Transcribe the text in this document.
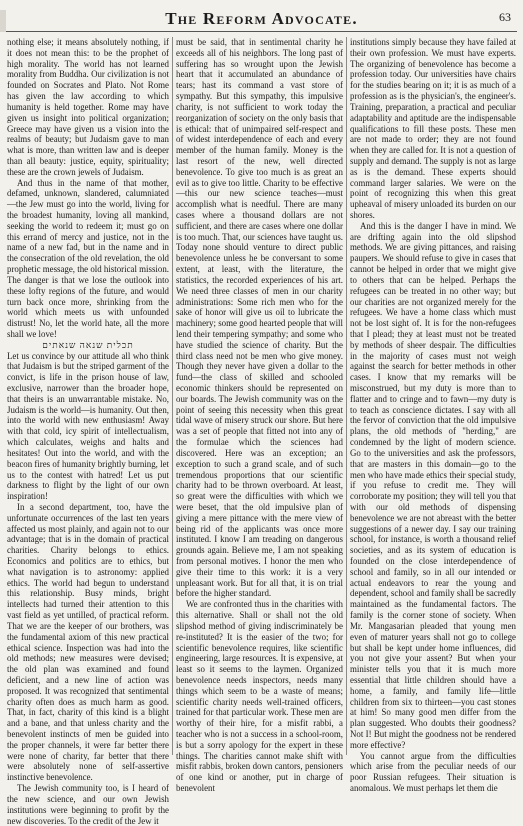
The Reform Advocate.	63

nothing else; it means absolutely nothing, if it does not mean this: to be the prophet of high morality. The world has not learned morality from Buddha. Our civilization is not founded on Socrates and Plato. Not Rome has given the law according to which humanity is held together. Rome may have given us insight into political organization; Greece may have given us a vision into the realms of beauty; but Judaism gave to man what is more, than written law and is deeper than all beauty: justice, equity, spirituality; these are the crown jewels of Judaism.

And thus in the name of that mother, defamed, unknown, slandered, calumniated—the Jew must go into the world, living for the broadest humanity, loving all mankind, seeking the world to redeem it; must go on this errand of mercy and justice, not in the name of a new fad, but in the name and in the consecration of the old revelation, the old prophetic message, the old historical mission. The danger is that we lose the outlook into these lofty regions of the future, and would turn back once more, shrinking from the world which meets us with unfounded distrust! No, let the world hate, all the more shall we love!

תכלית שנאה שנאתים

Let us convince by our attitude all who think that Judaism is but the striped garment of the convict, is life in the prison house of law, exclusive, narrower than the broader hope, that theirs is an unwarrantable mistake. No, Judaism is the world—is humanity. Out then, into the world with new enthusiasm! Away with that cold, icy spirit of intellectualism, which calculates, weighs and halts and hesitates! Out into the world, and with the beacon fires of humanity brightly burning, let us to the contest with hatred! Let us put darkness to flight by the light of our own inspiration!

In a second department, too, have the unfortunate occurrences of the last ten years affected us most plainly, and again not to our advantage; that is in the domain of practical charities. Charity belongs to ethics. Economics and politics are to ethics, but what navigation is to astronomy: applied ethics. The world had begun to understand this relationship. Busy minds, bright intellects had turned their attention to this vast field as yet untilled, of practical reform. That we are the keeper of our brothers, was the fundamental axiom of this new practical ethical science. Inspection was had into the old methods; new measures were devised; the old plan was examined and found deficient, and a new line of action was proposed. It was recognized that sentimental charity often does as much harm as good. That, in fact, charity of this kind is a blight and a bane, and that unless charity and the benevolent instincts of men be guided into the proper channels, it were far better there were none of charity, far better that there were absolutely none of self-assertive instinctive benevolence.

The Jewish community too, is I heard of the new science, and our own Jewish institutions were beginning to profit by the new discoveries. To the credit of the Jew it

must be said, that in sentimental charity he exceeds all of his neighbors. The long past of suffering has so wrought upon the Jewish heart that it accumulated an abundance of tears; hast its command a vast store of sympathy. But this sympathy, this impulsive charity, is not sufficient to work today the reorganization of society on the only basis that is ethical: that of unimpaired self-respect and of widest interdependence of each and every member of the human family. Money is the last resort of the new, well directed benevolence. To give too much is as great an evil as to give too little. Charity to be effective—this our new science teaches—must accomplish what is needful. There are many cases where a thousand dollars are not sufficient, and there are cases where one dollar is too much. That, our sciences have taught us. Today none should venture to direct public benevolence unless he be conversant to some extent, at least, with the literature, the statistics, the recorded experiences of his art. We need three classes of men in our charity administrations: Some rich men who for the sake of honor will give us oil to lubricate the machinery; some good hearted people that will lend their tempering sympathy; and some who have studied the science of charity. But the third class need not be men who give money. Though they never have given a dollar to the fund—the class of skilled and schooled economic thinkers should be represented on our boards. The Jewish community was on the point of seeing this necessity when this great tidal wave of misery struck our shore. But here was a set of people that fitted not into any of the formulae which the sciences had discovered. Here was an exception; an exception to such a grand scale, and of such tremendous proportions that our scientific charity had to be thrown overboard. At least, so great were the difficulties with which we were beset, that the old impulsive plan of giving a mere pittance with the mere view of being rid of the applicants was once more instituted. I know I am treading on dangerous grounds again. Believe me, I am not speaking from personal motives. I honor the men who give their time to this work: it is a very unpleasant work. But for all that, it is on trial before the higher standard.

We are confronted thus in the charities with this alternative. Shall or shall not the old slipshod method of giving indiscriminately be re-instituted? It is the easier of the two; for scientific benevolence requires, like scientific engineering, large resources. It is expensive, at least so it seems to the laymen. Organized benevolence needs inspectors, needs many things which seem to be a waste of means; scientific charity needs well-trained officers, trained for that particular work. These men are worthy of their hire, for a misfit rabbi, a teacher who is not a success in a school-room, is but a sorry apology for the expert in these things. The charities cannot make shift with misfit rabbis, broken down cantors, pensioners of one kind or another, put in charge of benevolent

institutions simply because they have failed at their own profession. We must have experts. The organizing of benevolence has become a profession today. Our universities have chairs for the studies bearing on it; it is as much of a profession as is the physician's, the engineer's. Training, preparation, a practical and peculiar adaptability and aptitude are the indispensable qualifications to fill these posts. These men are not made to order; they are not found when they are called for. It is not a question of supply and demand. The supply is not as large as is the demand. These experts should command larger salaries. We were on the point of recognizing this when this great upheaval of misery unloaded its burden on our shores.

And this is the danger I have in mind. We are drifting again into the old slipshod methods. We are giving pittances, and raising paupers. We should refuse to give in cases that cannot be helped in order that we might give to others that can be helped. Perhaps the refugees can be treated in no other way; but our charities are not organized merely for the refugees. We have a home class which must not be lost sight of. It is for the non-refugees that I plead; they at least must not be treated by methods of sheer despair. The difficulties in the majority of cases must not weigh against the search for better methods in other cases. I know that my remarks will be misconstrued, but my duty is more than to flatter and to cringe and to fawn—my duty is to teach as conscience dictates. I say with all the fervor of conviction that the old impulsive plans, the old methods of "herding," are condemned by the light of modern science. Go to the universities and ask the professors, that are masters in this domain—go to the men who have made ethics their special study, if you refuse to credit me. They will corroborate my position; they will tell you that with our old methods of dispensing benevolence we are not abreast with the better suggestions of a newer day. I say our training school, for instance, is worth a thousand relief societies, and as its system of education is founded on the close interdependence of school and family, so in all our intended or actual endeavors to rear the young and dependent, school and family shall be sacredly maintained as the fundamental factors. The family is the corner stone of society. When Mr. Mangasarian pleaded that young men even of maturer years shall not go to college but shall be kept under home influences, did you not give your assent? But when your minister tells you that it is much more essential that little children should have a home, a family, and family life—little children from six to thirteen—you cast stones at him! So many good men differ from the plan suggested. Who doubts their goodness? Not I! But might the goodness not be rendered more effective?

You cannot argue from the difficulties which arise from the peculiar needs of our poor Russian refugees. Their situation is anomalous. We must perhaps let them die
